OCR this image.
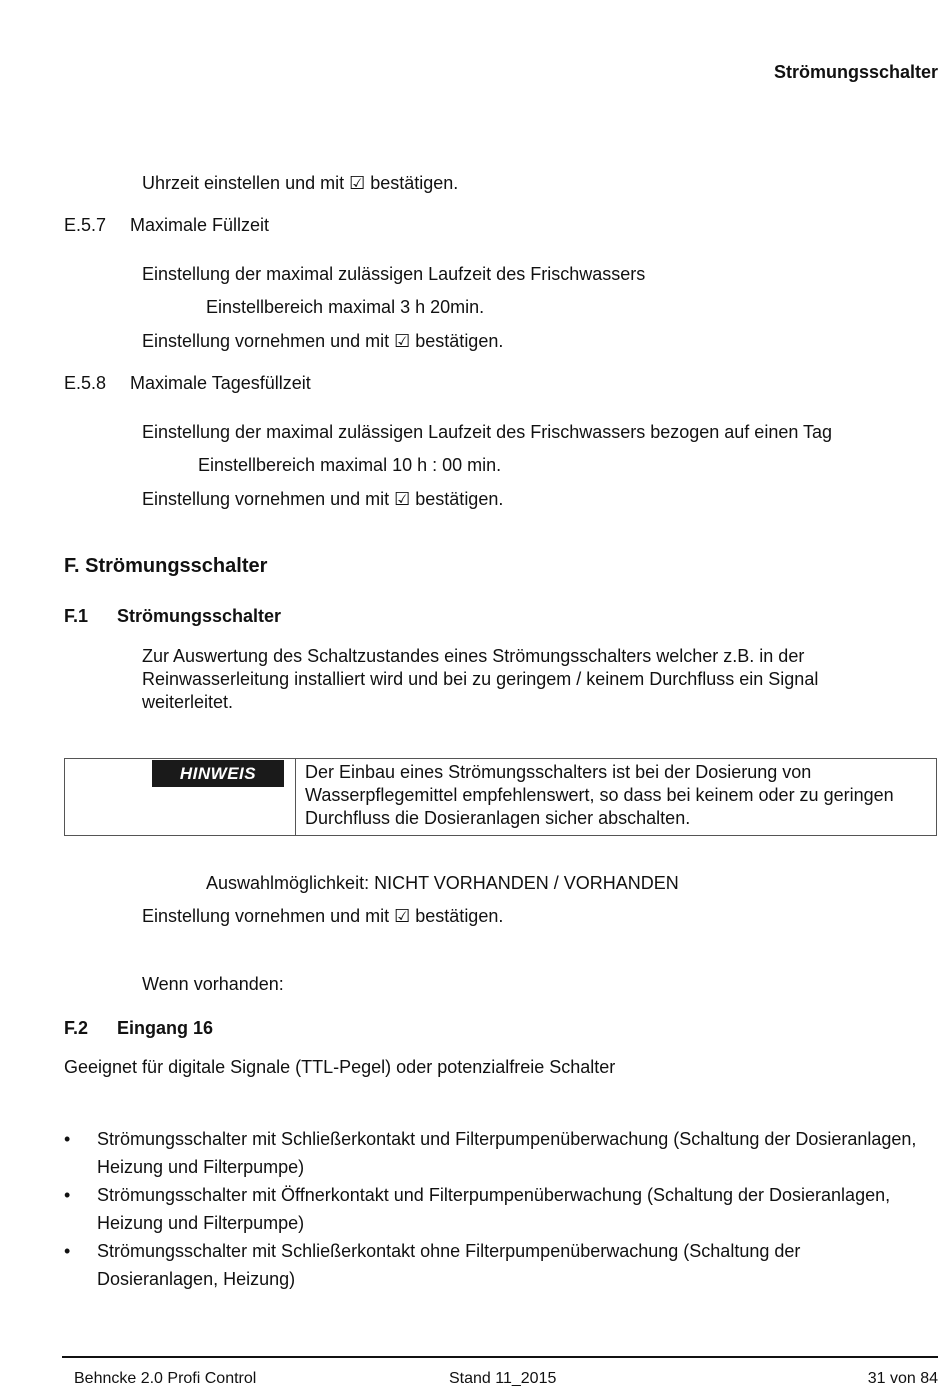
Strömungsschalter
Uhrzeit einstellen und mit ☑ bestätigen.
E.5.7 Maximale Füllzeit
Einstellung der maximal zulässigen Laufzeit des Frischwassers
Einstellbereich maximal 3 h 20min.
Einstellung vornehmen und mit ☑ bestätigen.
E.5.8 Maximale Tagesfüllzeit
Einstellung der maximal zulässigen Laufzeit des Frischwassers bezogen auf einen Tag
Einstellbereich maximal 10 h : 00 min.
Einstellung vornehmen und mit ☑ bestätigen.
F. Strömungsschalter
F.1 Strömungsschalter
Zur Auswertung des Schaltzustandes eines Strömungsschalters welcher z.B. in der Reinwasserleitung installiert wird und bei zu geringem / keinem Durchfluss ein Signal weiterleitet.
HINWEIS	Der Einbau eines Strömungsschalters ist bei der Dosierung von Wasserpflegemittel empfehlenswert, so dass bei keinem oder zu geringen Durchfluss die Dosieranlagen sicher abschalten.
Auswahlmöglichkeit: NICHT VORHANDEN / VORHANDEN
Einstellung vornehmen und mit ☑ bestätigen.
Wenn vorhanden:
F.2 Eingang 16
Geeignet für digitale Signale (TTL-Pegel) oder potenzialfreie Schalter
• Strömungsschalter mit Schließerkontakt und Filterpumpenüberwachung (Schaltung der Dosieranlagen, Heizung und Filterpumpe)
• Strömungsschalter mit Öffnerkontakt und Filterpumpenüberwachung (Schaltung der Dosieranlagen, Heizung und Filterpumpe)
• Strömungsschalter mit Schließerkontakt ohne Filterpumpenüberwachung (Schaltung der Dosieranlagen, Heizung)
Behncke 2.0 Profi Control	Stand 11_2015	31 von 84
